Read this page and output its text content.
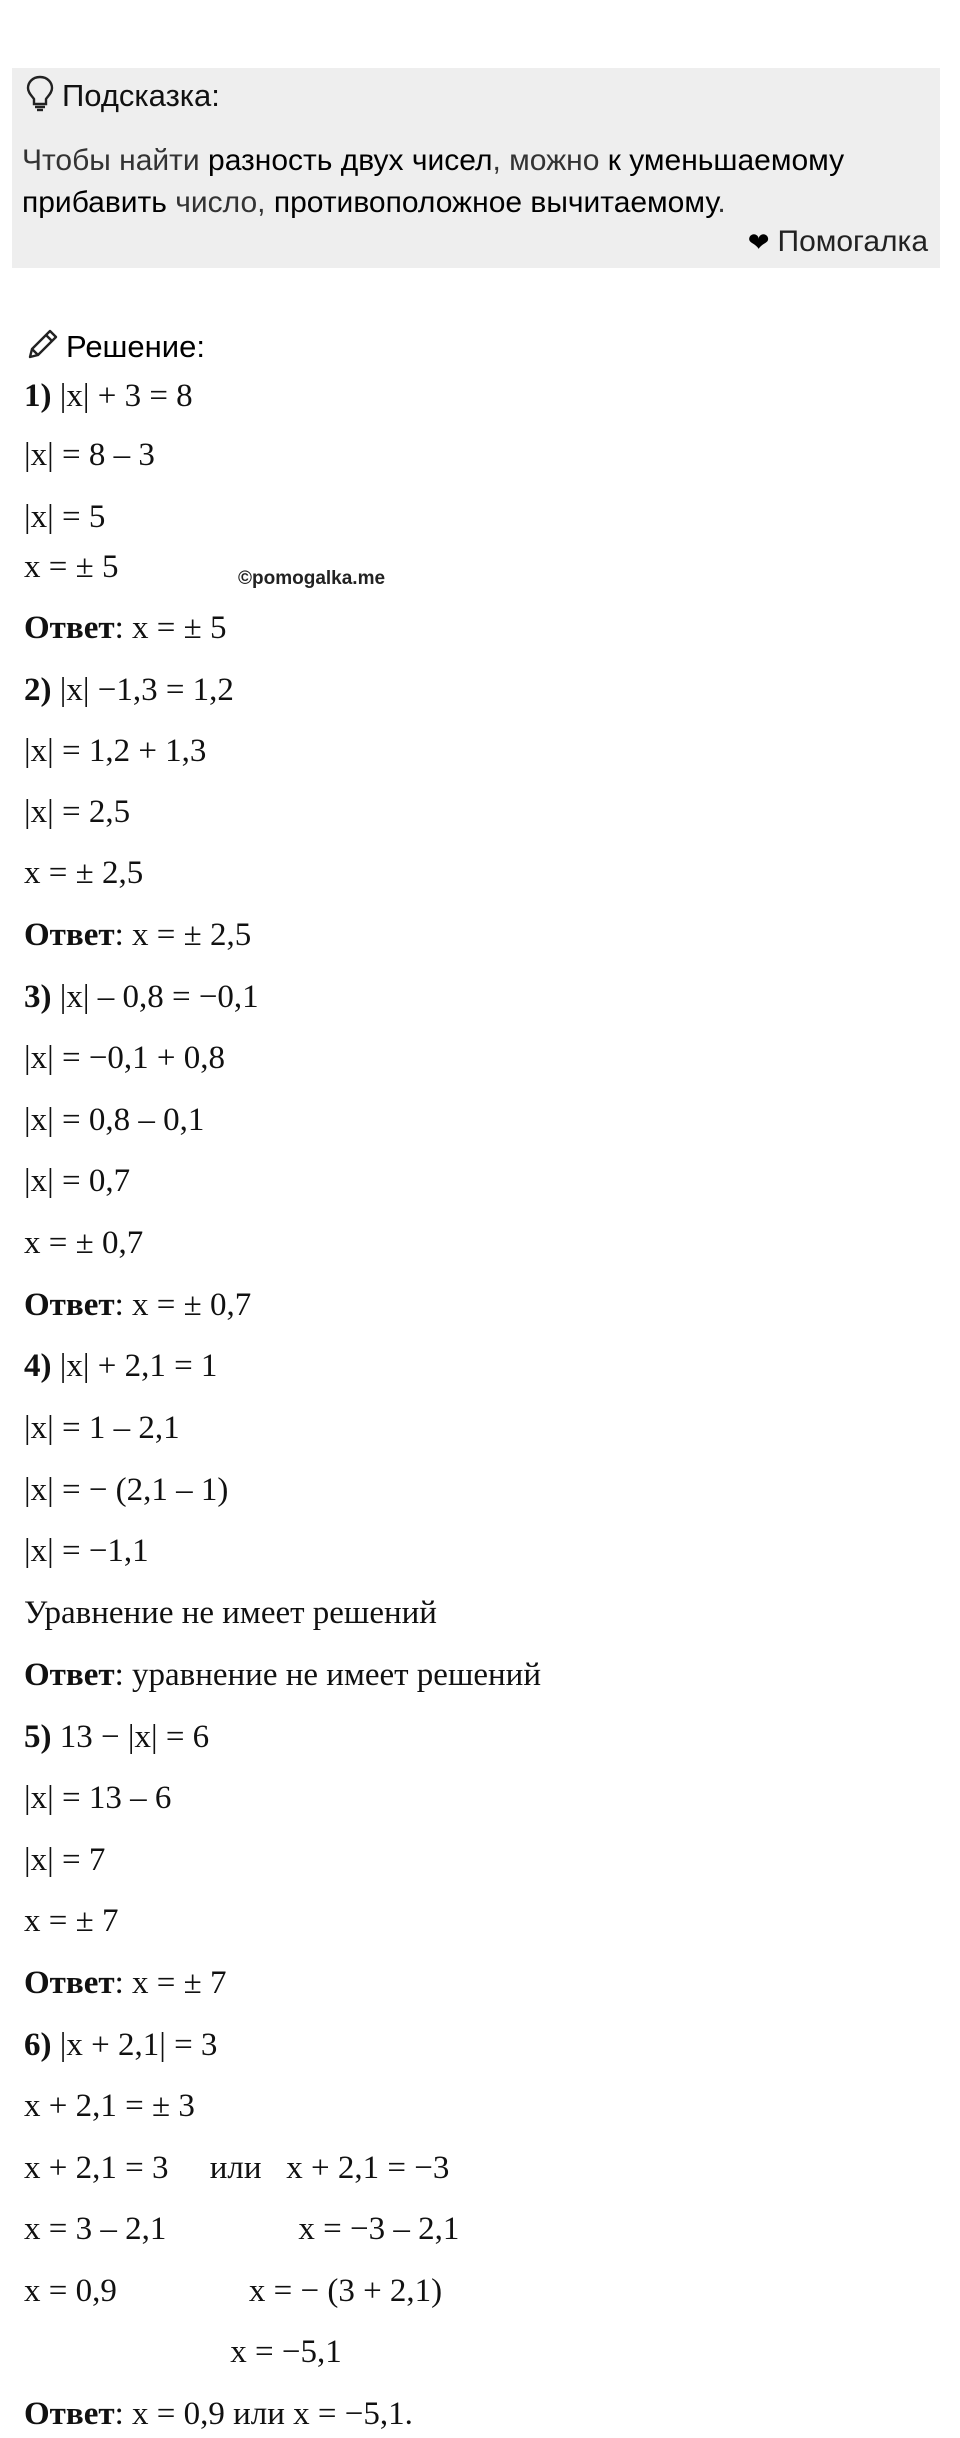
Подсказка:
Чтобы найти разность двух чисел, можно к уменьшаемому прибавить число, противоположное вычитаемому.
❤ Помогалка
Решение:
©pomogalka.me
1) |x| + 3 = 8
|x| = 8 – 3
|x| = 5
x = ± 5
Ответ: x = ± 5
2) |x| −1,3 = 1,2
|x| = 1,2 + 1,3
|x| = 2,5
x = ± 2,5
Ответ: x = ± 2,5
3) |x| – 0,8 = −0,1
|x| = −0,1 + 0,8
|x| = 0,8 – 0,1
|x| = 0,7
x = ± 0,7
Ответ: x = ± 0,7
4) |x| + 2,1 = 1
|x| = 1 – 2,1
|x| = − (2,1 – 1)
|x| = −1,1
Уравнение не имеет решений
Ответ: уравнение не имеет решений
5) 13 − |x| = 6
|x| = 13 – 6
|x| = 7
x = ± 7
Ответ: x = ± 7
6) |x + 2,1| = 3
x + 2,1 = ± 3
x + 2,1 = 3     или   x + 2,1 = −3
x = 3 – 2,1                x = −3 – 2,1
x = 0,9                x = − (3 + 2,1)
x = −5,1
Ответ: x = 0,9 или x = −5,1.
